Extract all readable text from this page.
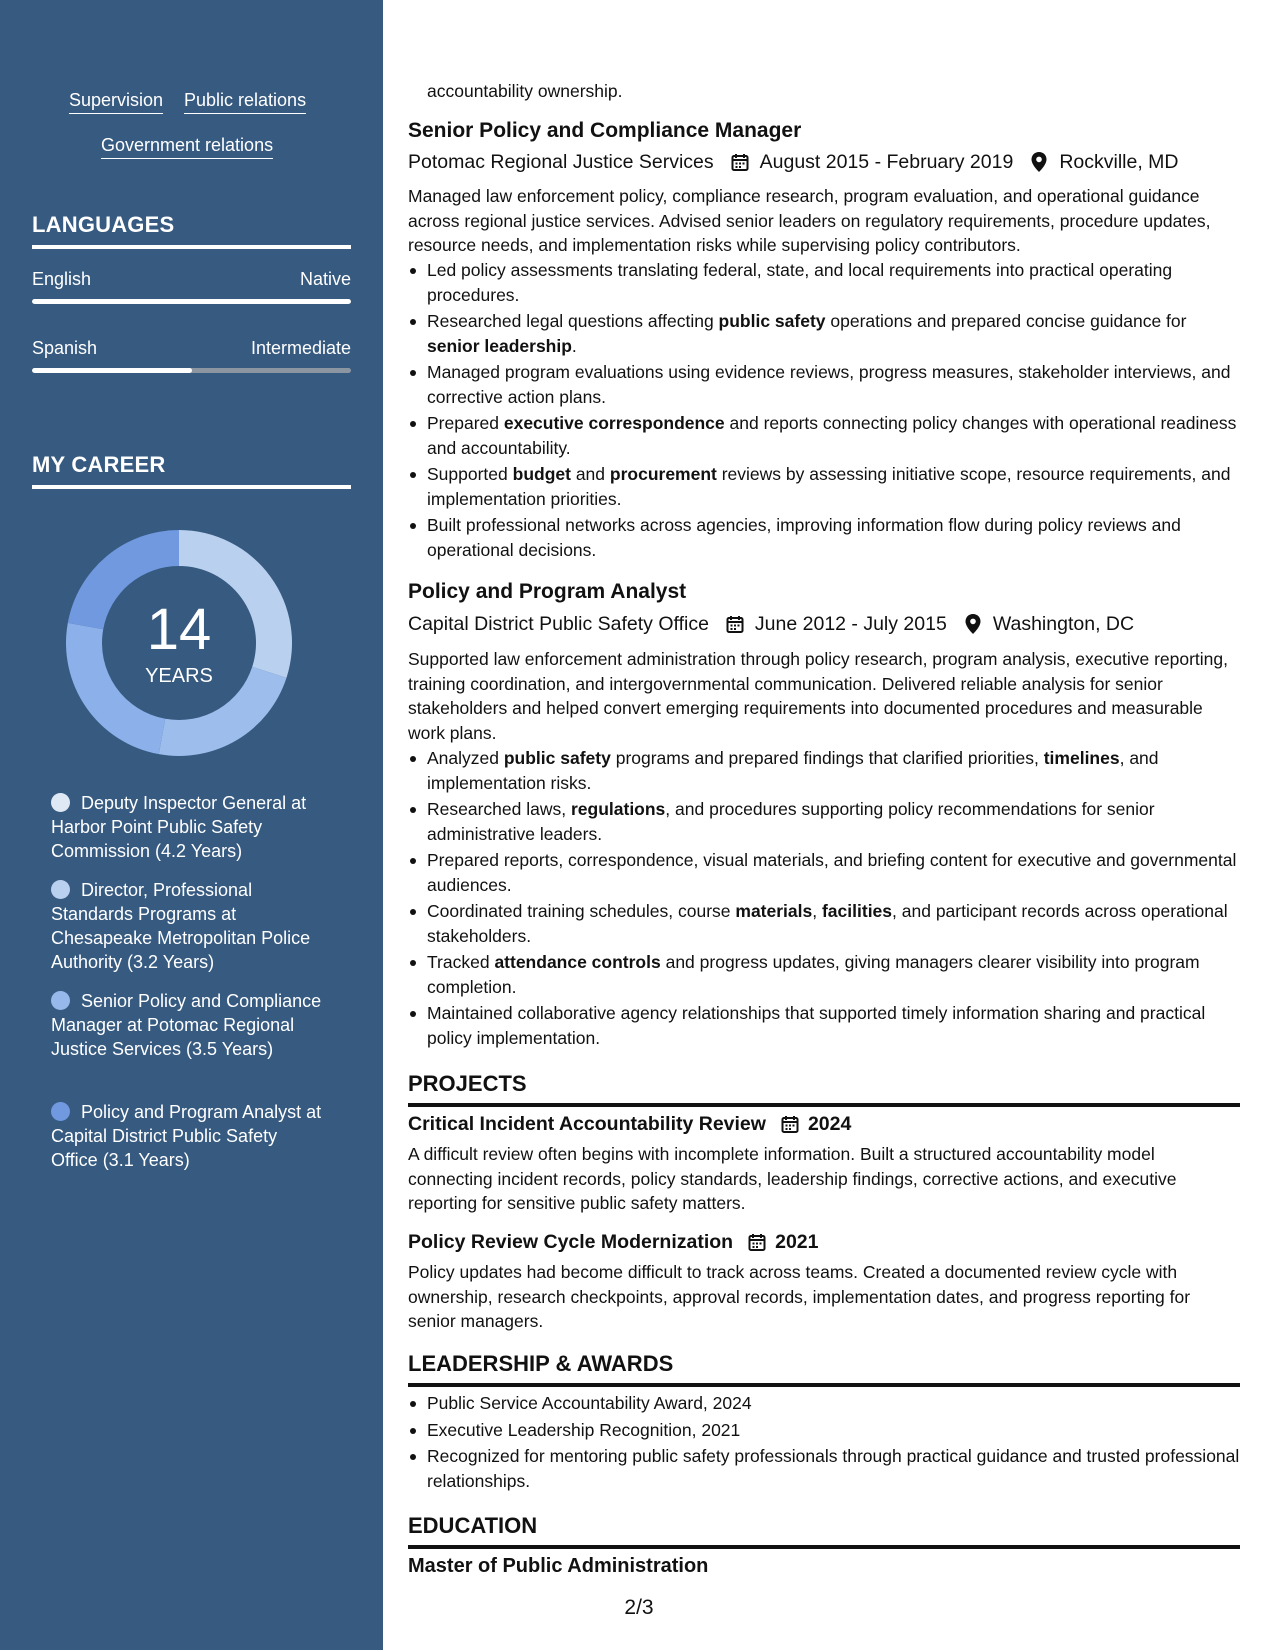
Supervision Public relations
Government relations
LANGUAGES
English	Native
Spanish	Intermediate
MY CAREER
14
YEARS
Deputy Inspector General at Harbor Point Public Safety Commission (4.2 Years)
Director, Professional Standards Programs at Chesapeake Metropolitan Police Authority (3.2 Years)
Senior Policy and Compliance Manager at Potomac Regional Justice Services (3.5 Years)
Policy and Program Analyst at Capital District Public Safety Office (3.1 Years)
accountability ownership.
Senior Policy and Compliance Manager
Potomac Regional Justice Services August 2015 - February 2019 Rockville, MD
Managed law enforcement policy, compliance research, program evaluation, and operational guidance across regional justice services. Advised senior leaders on regulatory requirements, procedure updates, resource needs, and implementation risks while supervising policy contributors.
Led policy assessments translating federal, state, and local requirements into practical operating procedures.
Researched legal questions affecting public safety operations and prepared concise guidance for senior leadership.
Managed program evaluations using evidence reviews, progress measures, stakeholder interviews, and corrective action plans.
Prepared executive correspondence and reports connecting policy changes with operational readiness and accountability.
Supported budget and procurement reviews by assessing initiative scope, resource requirements, and implementation priorities.
Built professional networks across agencies, improving information flow during policy reviews and operational decisions.
Policy and Program Analyst
Capital District Public Safety Office June 2012 - July 2015 Washington, DC
Supported law enforcement administration through policy research, program analysis, executive reporting, training coordination, and intergovernmental communication. Delivered reliable analysis for senior stakeholders and helped convert emerging requirements into documented procedures and measurable work plans.
Analyzed public safety programs and prepared findings that clarified priorities, timelines, and implementation risks.
Researched laws, regulations, and procedures supporting policy recommendations for senior administrative leaders.
Prepared reports, correspondence, visual materials, and briefing content for executive and governmental audiences.
Coordinated training schedules, course materials, facilities, and participant records across operational stakeholders.
Tracked attendance controls and progress updates, giving managers clearer visibility into program completion.
Maintained collaborative agency relationships that supported timely information sharing and practical policy implementation.
PROJECTS
Critical Incident Accountability Review 2024
A difficult review often begins with incomplete information. Built a structured accountability model connecting incident records, policy standards, leadership findings, corrective actions, and executive reporting for sensitive public safety matters.
Policy Review Cycle Modernization 2021
Policy updates had become difficult to track across teams. Created a documented review cycle with ownership, research checkpoints, approval records, implementation dates, and progress reporting for senior managers.
LEADERSHIP & AWARDS
Public Service Accountability Award, 2024
Executive Leadership Recognition, 2021
Recognized for mentoring public safety professionals through practical guidance and trusted professional relationships.
EDUCATION
Master of Public Administration
2/3
